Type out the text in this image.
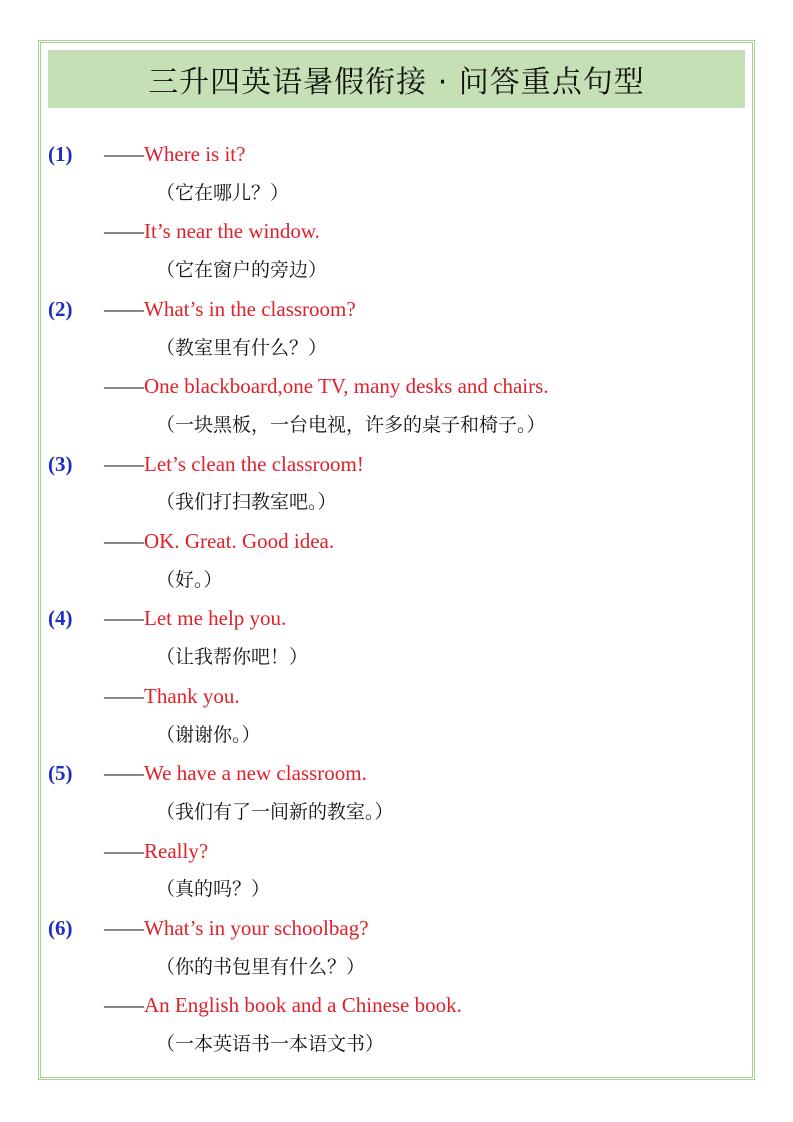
三升四英语暑假衔接 · 问答重点句型
(1) ——Where is it?
（它在哪儿？）
——It’s near the window.
（它在窗户的旁边）
(2) ——What’s in the classroom?
（教室里有什么？）
——One blackboard,one TV, many desks and chairs.
（一块黑板，一台电视，许多的桌子和椅子。）
(3) ——Let’s clean the classroom!
（我们打扫教室吧。）
——OK. Great. Good idea.
（好。）
(4) ——Let me help you.
（让我帮你吧！）
——Thank you.
（谢谢你。）
(5) ——We have a new classroom.
（我们有了一间新的教室。）
——Really?
（真的吗？）
(6) ——What’s in your schoolbag?
（你的书包里有什么？）
——An English book and a Chinese book.
（一本英语书一本语文书）
